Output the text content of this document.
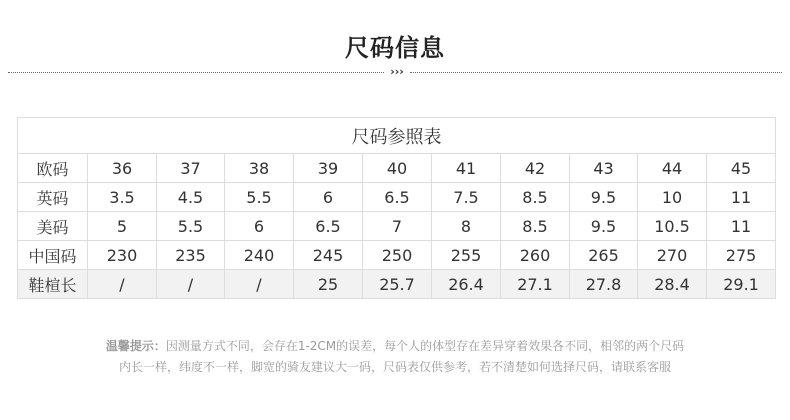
尺码信息
›››
尺码参照表										
欧码	36	37	38	39	40	41	42	43	44	45
英码	3.5	4.5	5.5	6	6.5	7.5	8.5	9.5	10	11
美码	5	5.5	6	6.5	7	8	8.5	9.5	10.5	11
中国码	230	235	240	245	250	255	260	265	270	275
鞋楦长	/	/	/	25	25.7	26.4	27.1	27.8	28.4	29.1
温馨提示：因测量方式不同，会存在1-2CM的误差，每个人的体型存在差异穿着效果各不同，相邻的两个尺码
内长一样，纬度不一样，脚宽的骑友建议大一码，尺码表仅供参考，若不清楚如何选择尺码，请联系客服
